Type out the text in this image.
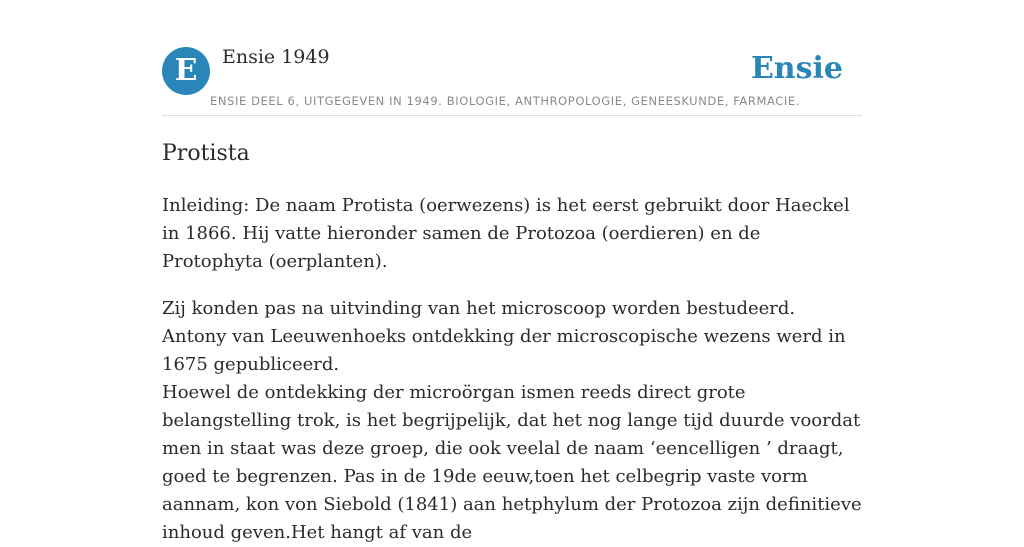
E	Ensie 1949	Ensie
ENSIE DEEL 6, UITGEGEVEN IN 1949. BIOLOGIE, ANTHROPOLOGIE, GENEESKUNDE, FARMACIE.
Protista

Inleiding: De naam Protista (oerwezens) is het eerst gebruikt door Haeckel in 1866. Hij vatte hieronder samen de Protozoa (oerdieren) en de Protophyta (oerplanten).

Zij konden pas na uitvinding van het microscoop worden bestudeerd. Antony van Leeuwenhoeks ontdekking der microscopische wezens werd in 1675 gepubliceerd.

Hoewel de ontdekking der microörgan ismen reeds direct grote belangstelling trok, is het begrijpelijk, dat het nog lange tijd duurde voordat men in staat was deze groep, die ook veelal de naam ‘eencelligen ’ draagt, goed te begrenzen. Pas in de 19de eeuw,toen het celbegrip vaste vorm aannam, kon von Siebold (1841) aan hetphylum der Protozoa zijn definitieve inhoud geven.Het hangt af van de
